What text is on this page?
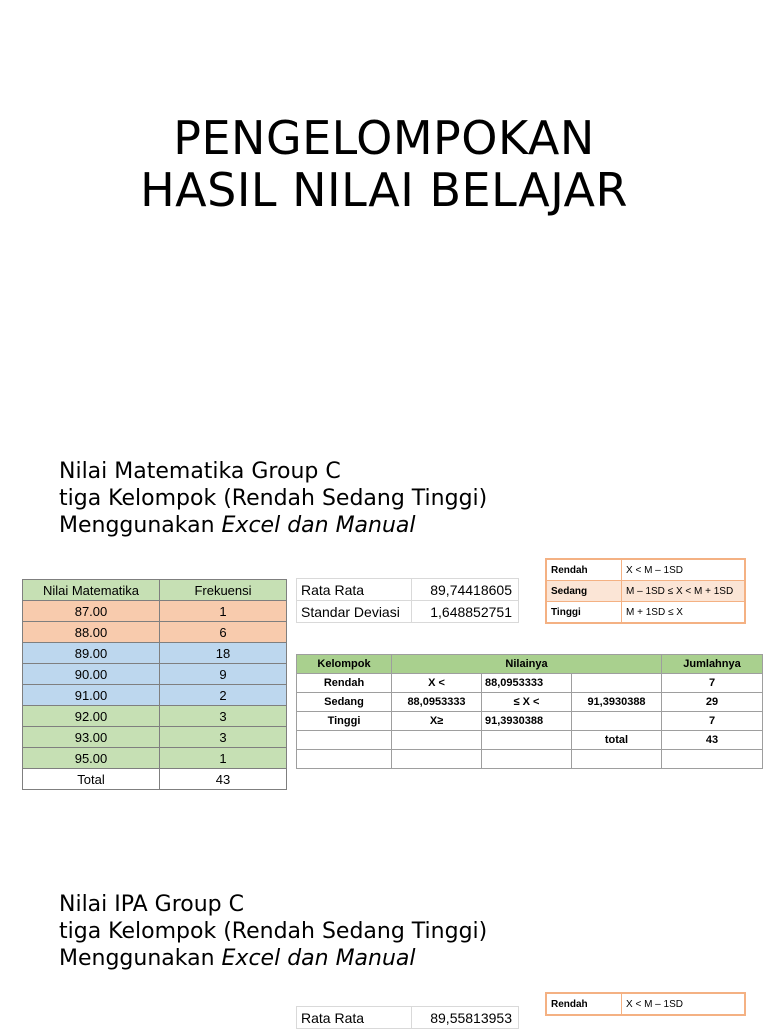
PENGELOMPOKAN
HASIL NILAI BELAJAR
Nilai Matematika Group C
tiga Kelompok (Rendah Sedang Tinggi)
Menggunakan Excel dan Manual
Nilai Matematika	Frekuensi
87.00	1
88.00	6
89.00	18
90.00	9
91.00	2
92.00	3
93.00	3
95.00	1
Total	43
Rata Rata	89,74418605
Standar Deviasi	1,648852751
Rendah	X < M – 1SD
Sedang	M – 1SD ≤ X < M + 1SD
Tinggi	M + 1SD ≤ X
Kelompok	Nilainya			Jumlahnya
Rendah	X <	88,0953333		7
Sedang	88,0953333	≤ X <	91,3930388	29
Tinggi	X≥	91,3930388		7
			total	43

Nilai IPA Group C
tiga Kelompok (Rendah Sedang Tinggi)
Menggunakan Excel dan Manual
Rata Rata	89,55813953
Rendah	X < M – 1SD
